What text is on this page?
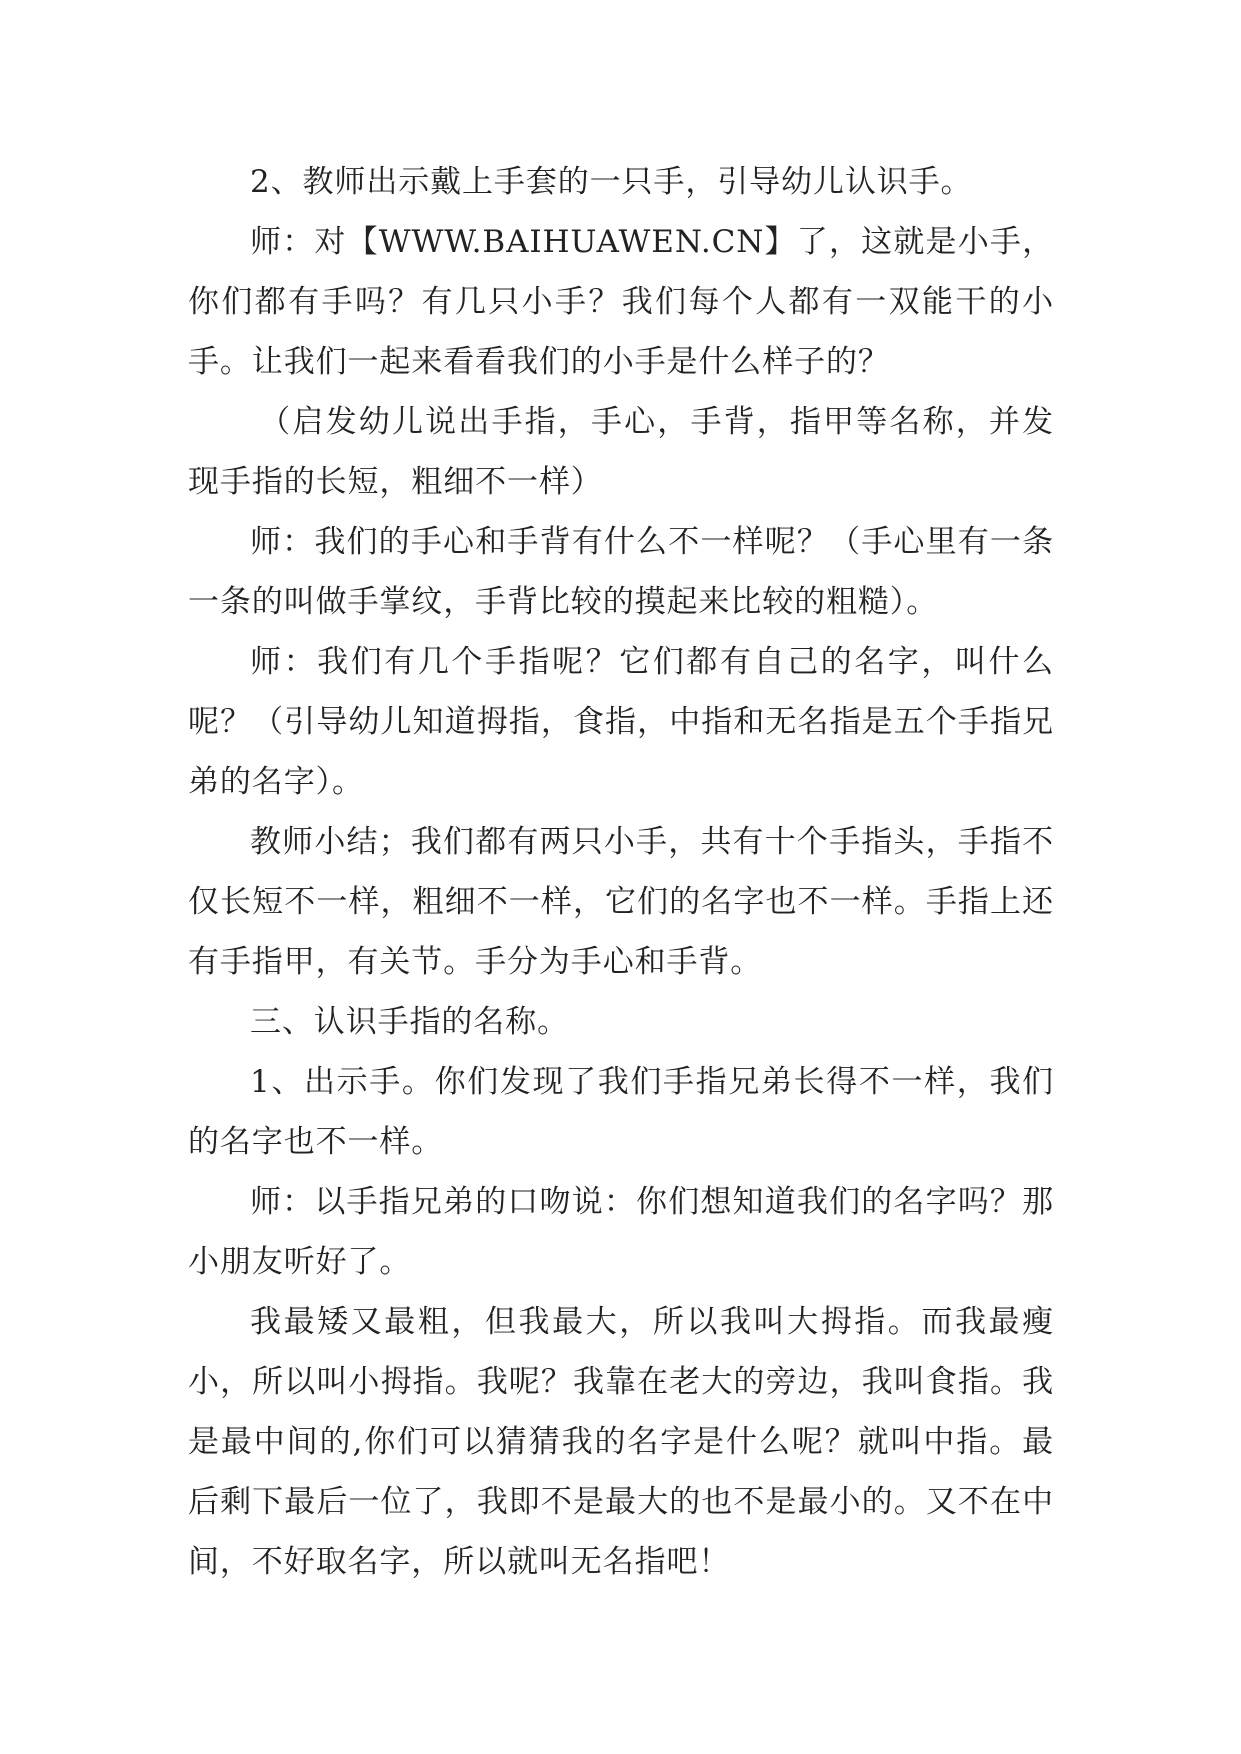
2、教师出示戴上手套的一只手，引导幼儿认识手。

师：对【WWW.BAIHUAWEN.CN】了，这就是小手，你们都有手吗？有几只小手？我们每个人都有一双能干的小手。让我们一起来看看我们的小手是什么样子的？

（启发幼儿说出手指，手心，手背，指甲等名称，并发现手指的长短，粗细不一样）

师：我们的手心和手背有什么不一样呢？（手心里有一条一条的叫做手掌纹，手背比较的摸起来比较的粗糙）。

师：我们有几个手指呢？它们都有自己的名字，叫什么呢？（引导幼儿知道拇指，食指，中指和无名指是五个手指兄弟的名字）。

教师小结；我们都有两只小手，共有十个手指头，手指不仅长短不一样，粗细不一样，它们的名字也不一样。手指上还有手指甲，有关节。手分为手心和手背。

三、认识手指的名称。

1、出示手。你们发现了我们手指兄弟长得不一样，我们的名字也不一样。

师：以手指兄弟的口吻说：你们想知道我们的名字吗？那小朋友听好了。

我最矮又最粗，但我最大，所以我叫大拇指。而我最瘦小，所以叫小拇指。我呢？我靠在老大的旁边，我叫食指。我是最中间的,你们可以猜猜我的名字是什么呢？就叫中指。最后剩下最后一位了，我即不是最大的也不是最小的。又不在中间，不好取名字，所以就叫无名指吧！
